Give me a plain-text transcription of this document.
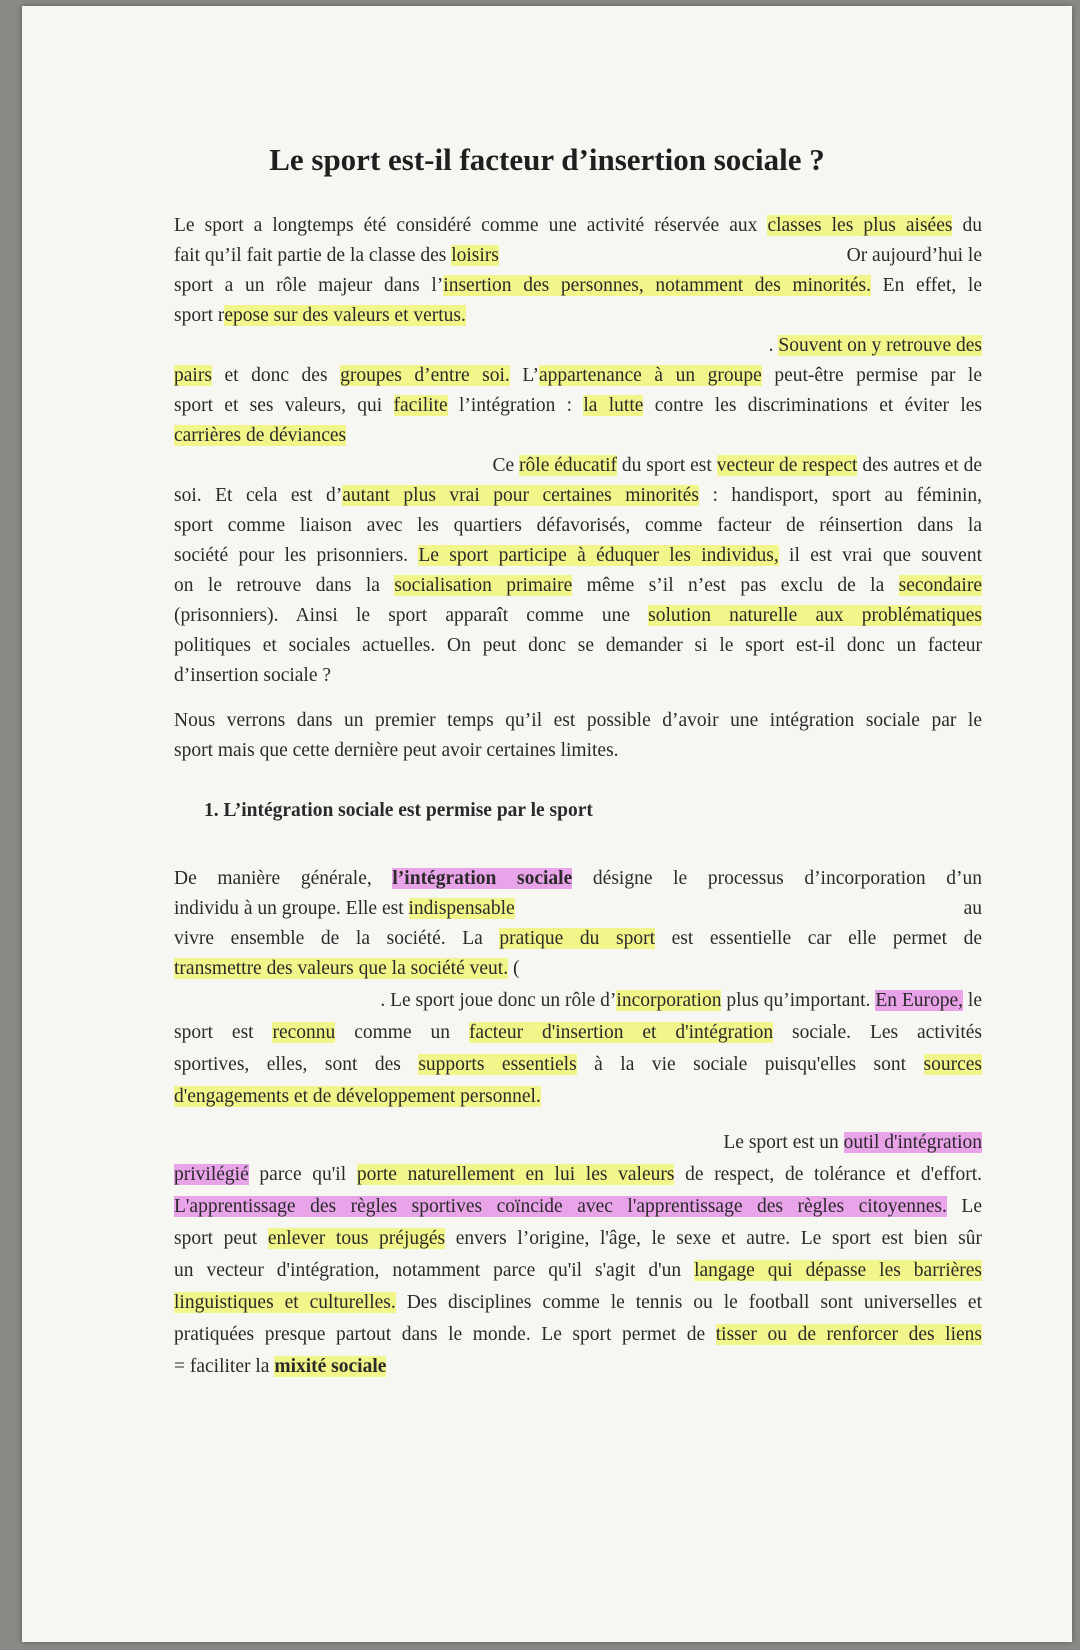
Le sport est-il facteur d’insertion sociale ?
Le sport a longtemps été considéré comme une activité réservée aux classes les plus aisées du
fait qu’il fait partie de la classe des loisirs	Or aujourd’hui le
sport a un rôle majeur dans l’insertion des personnes, notamment des minorités. En effet, le
sport repose sur des valeurs et vertus.
. Souvent on y retrouve des
pairs et donc des groupes d’entre soi. L’appartenance à un groupe peut-être permise par le
sport et ses valeurs, qui facilite l’intégration : la lutte contre les discriminations et éviter les
carrières de déviances
Ce rôle éducatif du sport est vecteur de respect des autres et de
soi. Et cela est d’autant plus vrai pour certaines minorités : handisport, sport au féminin,
sport comme liaison avec les quartiers défavorisés, comme facteur de réinsertion dans la
société pour les prisonniers. Le sport participe à éduquer les individus, il est vrai que souvent
on le retrouve dans la socialisation primaire même s’il n’est pas exclu de la secondaire
(prisonniers). Ainsi le sport apparaît comme une solution naturelle aux problématiques
politiques et sociales actuelles. On peut donc se demander si le sport est-il donc un facteur
d’insertion sociale ?
Nous verrons dans un premier temps qu’il est possible d’avoir une intégration sociale par le
sport mais que cette dernière peut avoir certaines limites.
1. L’intégration sociale est permise par le sport
De manière générale, l’intégration sociale désigne le processus d’incorporation d’un
individu à un groupe. Elle est indispensable	au
vivre ensemble de la société. La pratique du sport est essentielle car elle permet de
transmettre des valeurs que la société veut. (
. Le sport joue donc un rôle d’incorporation plus qu’important. En Europe, le
sport est reconnu comme un facteur d'insertion et d'intégration sociale. Les activités
sportives, elles, sont des supports essentiels à la vie sociale puisqu'elles sont sources
d'engagements et de développement personnel.
Le sport est un outil d'intégration
privilégié parce qu'il porte naturellement en lui les valeurs de respect, de tolérance et d'effort.
L'apprentissage des règles sportives coïncide avec l'apprentissage des règles citoyennes. Le
sport peut enlever tous préjugés envers l’origine, l'âge, le sexe et autre. Le sport est bien sûr
un vecteur d'intégration, notamment parce qu'il s'agit d'un langage qui dépasse les barrières
linguistiques et culturelles. Des disciplines comme le tennis ou le football sont universelles et
pratiquées presque partout dans le monde. Le sport permet de tisser ou de renforcer des liens
= faciliter la mixité sociale
